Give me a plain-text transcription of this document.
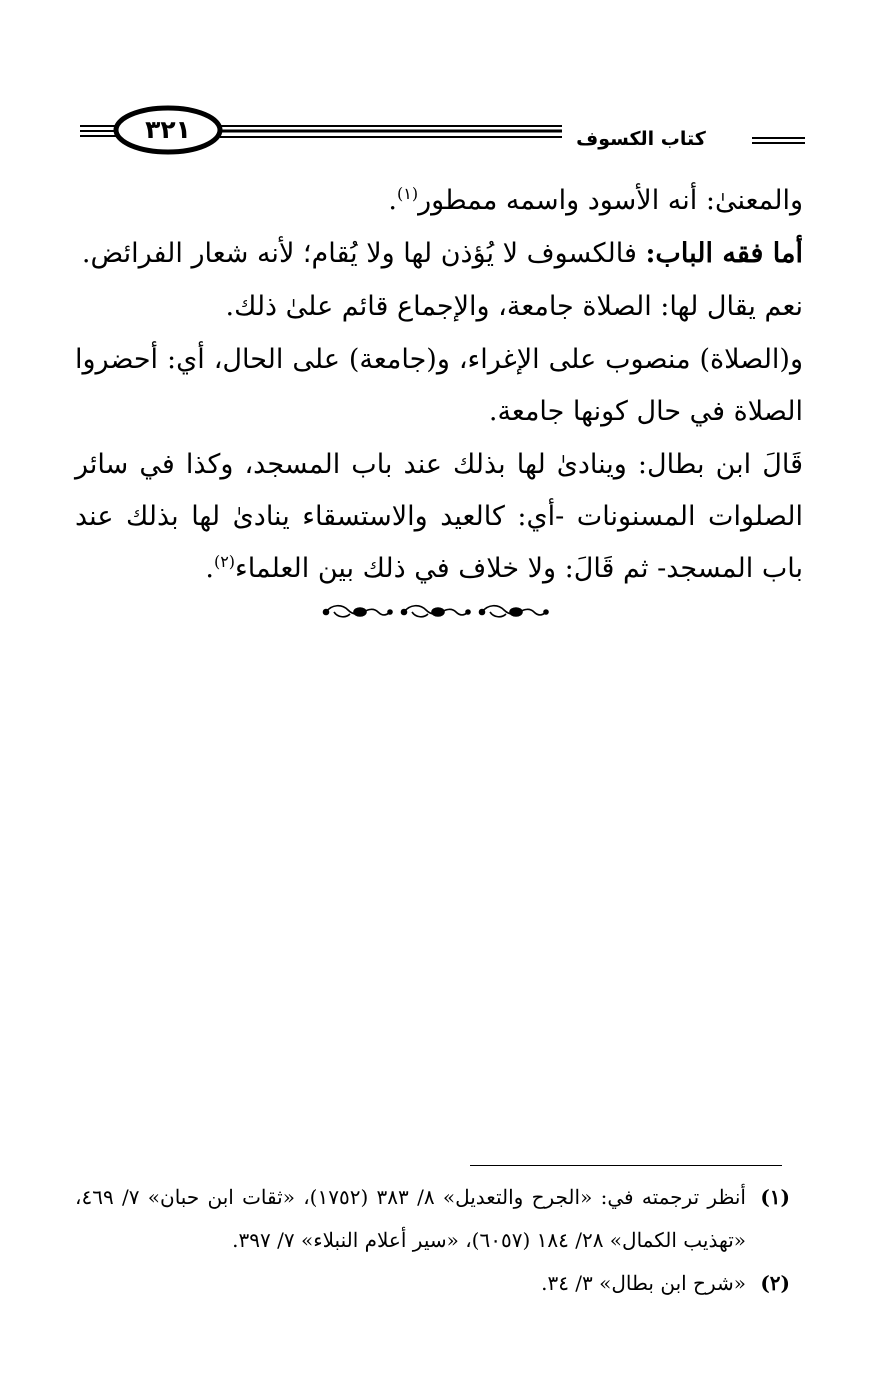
٣٢١	كتاب الكسوف

والمعنىٰ: أنه الأسود واسمه ممطور$^{(١)}$.

أما فقه الباب: فالكسوف لا يُؤذن لها ولا يُقام؛ لأنه شعار الفرائض.

نعم يقال لها: الصلاة جامعة، والإجماع قائم علىٰ ذلك.

و(الصلاة) منصوب على الإغراء، و(جامعة) على الحال، أي: أحضروا الصلاة في حال كونها جامعة.

قَالَ ابن بطال: وينادىٰ لها بذلك عند باب المسجد، وكذا في سائر الصلوات المسنونات -أي: كالعيد والاستسقاء ينادىٰ لها بذلك عند باب المسجد- ثم قَالَ: ولا خلاف في ذلك بين العلماء$^{(٢)}$.

(١)
أنظر ترجمته في: «الجرح والتعديل» ٨/ ٣٨٣ (١٧٥٢)، «ثقات ابن حبان» ٧/ ٤٦٩، «تهذيب الكمال» ٢٨/ ١٨٤ (٦٠٥٧)، «سير أعلام النبلاء» ٧/ ٣٩٧.

(٢)
«شرح ابن بطال» ٣/ ٣٤.
